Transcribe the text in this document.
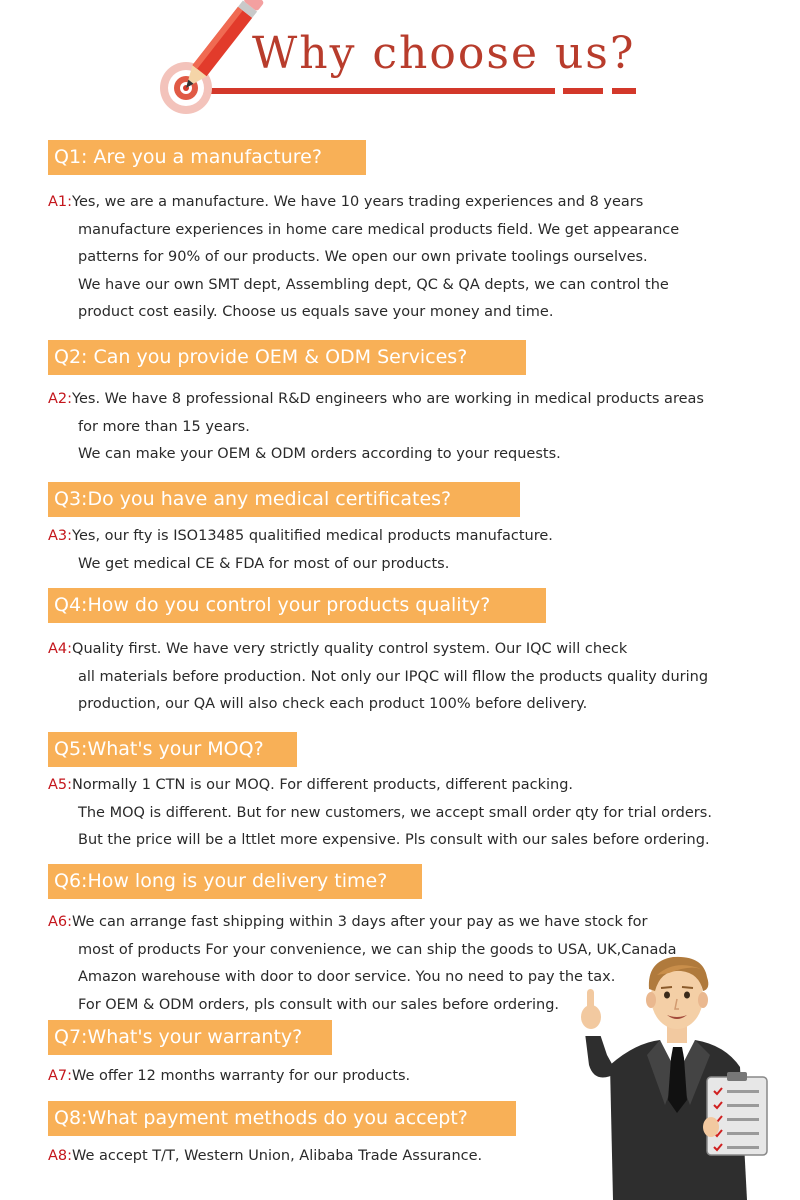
Why choose us?
Q1: Are you a manufacture?

A1:Yes, we are a manufacture. We have 10 years trading experiences and 8 years
manufacture experiences in home care medical products field. We get appearance
patterns for 90% of our products. We open our own private toolings ourselves.
We have our own SMT dept, Assembling dept, QC & QA depts, we can control the
product cost easily. Choose us equals save your money and time.

Q2: Can you provide OEM & ODM Services?

A2:Yes. We have 8 professional R&D engineers who are working in medical products areas
for more than 15 years.
We can make your OEM & ODM orders according to your requests.

Q3:Do you have any medical certificates?

A3:Yes, our fty is ISO13485 qualitified medical products manufacture.
We get medical CE & FDA for most of our products.

Q4:How do you control your products quality?

A4:Quality first. We have very strictly quality control system. Our IQC will check
all materials before production. Not only our IPQC will fllow the products quality during
production, our QA will also check each product 100% before delivery.

Q5:What's your MOQ?

A5:Normally 1 CTN is our MOQ. For different products, different packing.
The MOQ is different. But for new customers, we accept small order qty for trial orders.
But the price will be a lttlet more expensive. Pls consult with our sales before ordering.

Q6:How long is your delivery time?

A6:We can arrange fast shipping within 3 days after your pay as we have stock for
most of products For your convenience, we can ship the goods to USA, UK,Canada
Amazon warehouse with door to door service. You no need to pay the tax.
For OEM & ODM orders, pls consult with our sales before ordering.

Q7:What's your warranty?

A7:We offer 12 months warranty for our products.

Q8:What payment methods do you accept?

A8:We accept T/T, Western Union, Alibaba Trade Assurance.
